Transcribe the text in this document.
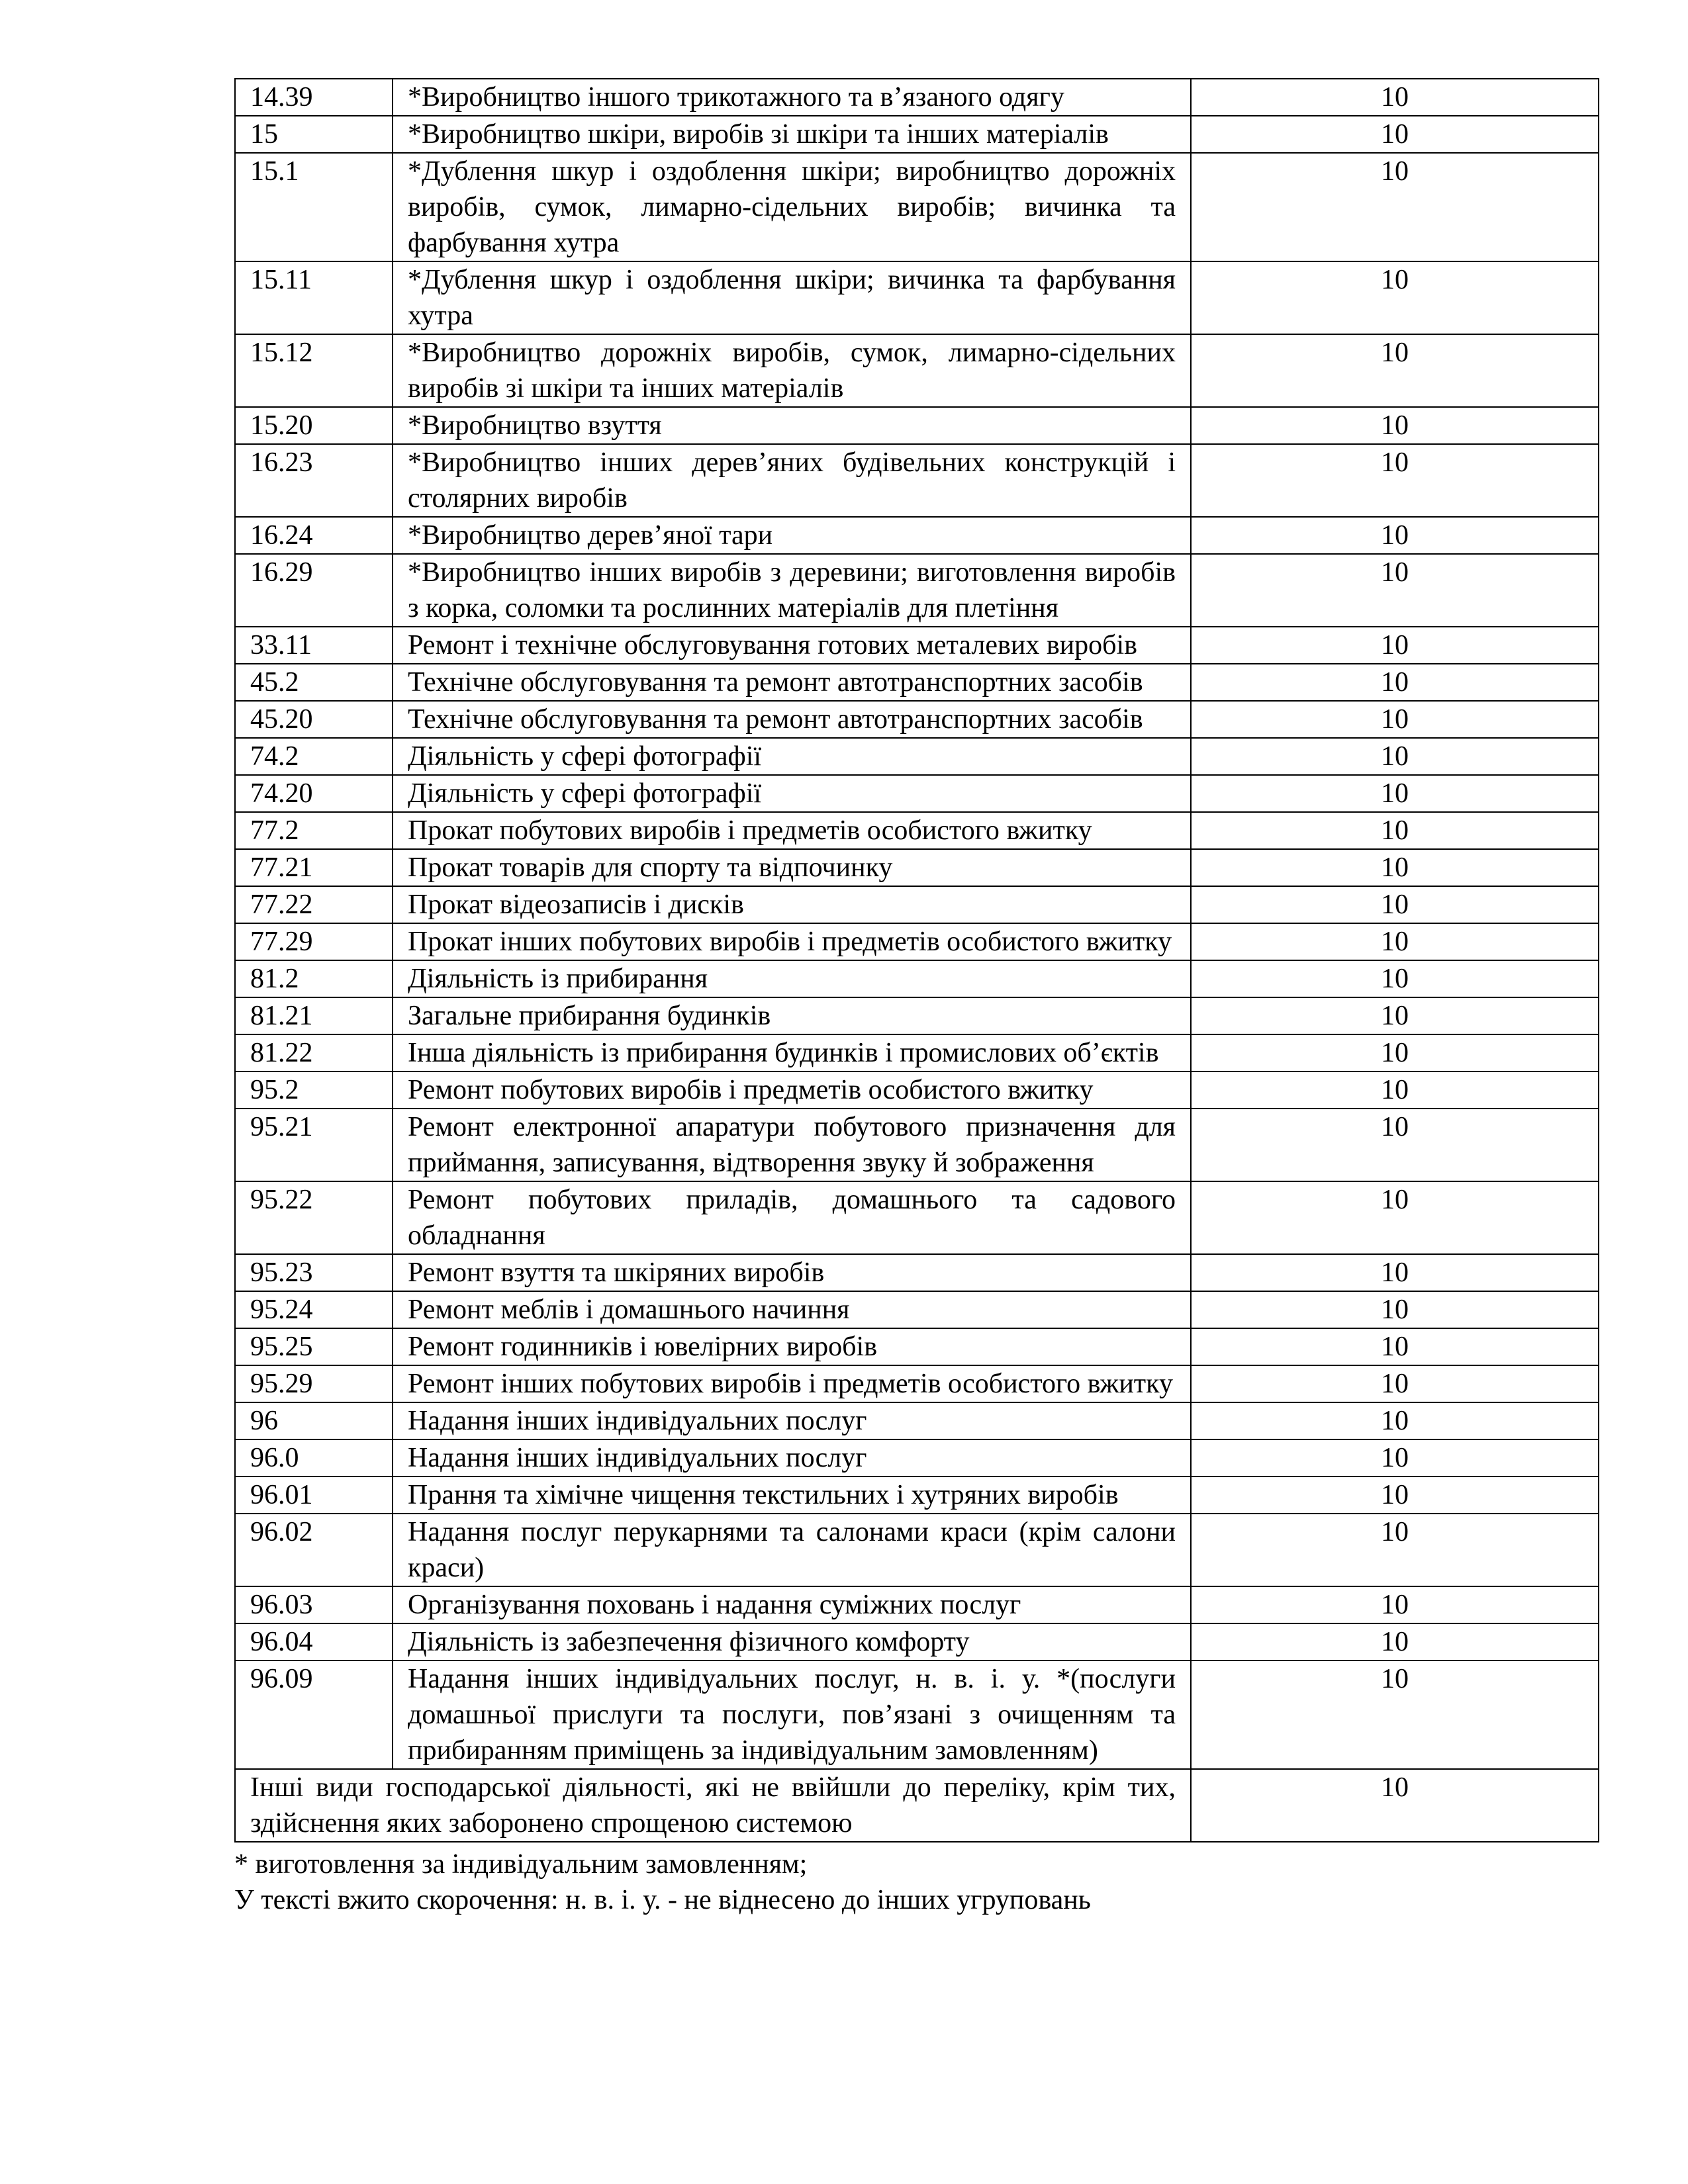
14.39	*Виробництво іншого трикотажного та в’язаного одягу	10
15	*Виробництво шкіри, виробів зі шкіри та інших матеріалів	10
15.1	*Дублення шкур і оздоблення шкіри; виробництво дорожніх виробів, сумок, лимарно-сідельних виробів; вичинка та фарбування хутра	10
15.11	*Дублення шкур і оздоблення шкіри; вичинка та фарбування хутра	10
15.12	*Виробництво дорожніх виробів, сумок, лимарно-сідельних виробів зі шкіри та інших матеріалів	10
15.20	*Виробництво взуття	10
16.23	*Виробництво інших дерев’яних будівельних конструкцій і столярних виробів	10
16.24	*Виробництво дерев’яної тари	10
16.29	*Виробництво інших виробів з деревини; виготовлення виробів з корка, соломки та рослинних матеріалів для плетіння	10
33.11	Ремонт і технічне обслуговування готових металевих виробів	10
45.2	Технічне обслуговування та ремонт автотранспортних засобів	10
45.20	Технічне обслуговування та ремонт автотранспортних засобів	10
74.2	Діяльність у сфері фотографії	10
74.20	Діяльність у сфері фотографії	10
77.2	Прокат побутових виробів і предметів особистого вжитку	10
77.21	Прокат товарів для спорту та відпочинку	10
77.22	Прокат відеозаписів і дисків	10
77.29	Прокат інших побутових виробів і предметів особистого вжитку	10
81.2	Діяльність із прибирання	10
81.21	Загальне прибирання будинків	10
81.22	Інша діяльність із прибирання будинків і промислових об’єктів	10
95.2	Ремонт побутових виробів і предметів особистого вжитку	10
95.21	Ремонт електронної апаратури побутового призначення для приймання, записування, відтворення звуку й зображення	10
95.22	Ремонт побутових приладів, домашнього та садового обладнання	10
95.23	Ремонт взуття та шкіряних виробів	10
95.24	Ремонт меблів і домашнього начиння	10
95.25	Ремонт годинників і ювелірних виробів	10
95.29	Ремонт інших побутових виробів і предметів особистого вжитку	10
96	Надання інших індивідуальних послуг	10
96.0	Надання інших індивідуальних послуг	10
96.01	Прання та хімічне чищення текстильних і хутряних виробів	10
96.02	Надання послуг перукарнями та салонами краси (крім салони краси)	10
96.03	Організування поховань і надання суміжних послуг	10
96.04	Діяльність із забезпечення фізичного комфорту	10
96.09	Надання інших індивідуальних послуг, н. в. і. у. *(послуги домашньої прислуги та послуги, пов’язані з очищенням та прибиранням приміщень за індивідуальним замовленням)	10
Інші види господарської діяльності, які не ввійшли до переліку, крім тих, здійснення яких заборонено спрощеною системою		10

* виготовлення за індивідуальним замовленням;

У тексті вжито скорочення: н. в. і. у. - не віднесено до інших угруповань
